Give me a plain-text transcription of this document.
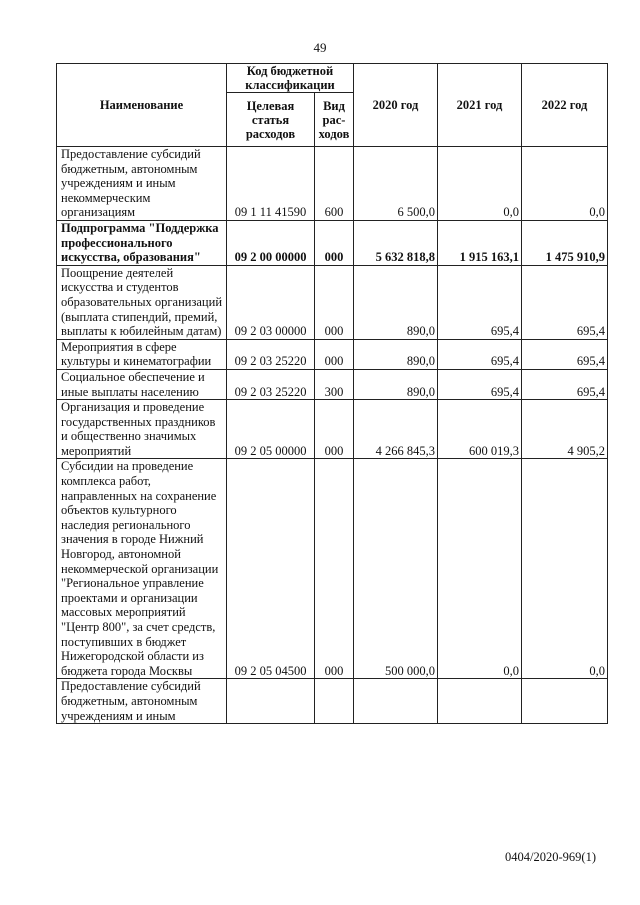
49
Наименование	Код бюджетной классификации		2020 год	2021 год	2022 год
	Целевая статья расходов	Вид рас- ходов			
Предоставление субсидий бюджетным, автономным учреждениям и иным некоммерческим организациям	09 1 11 41590	600	6 500,0	0,0	0,0
Подпрограмма "Поддержка профессионального искусства, образования"	09 2 00 00000	000	5 632 818,8	1 915 163,1	1 475 910,9
Поощрение деятелей искусства и студентов образовательных организаций (выплата стипендий, премий, выплаты к юбилейным датам)	09 2 03 00000	000	890,0	695,4	695,4
Мероприятия в сфере культуры и кинематографии	09 2 03 25220	000	890,0	695,4	695,4
Социальное обеспечение и иные выплаты населению	09 2 03 25220	300	890,0	695,4	695,4
Организация и проведение государственных праздников и общественно значимых мероприятий	09 2 05 00000	000	4 266 845,3	600 019,3	4 905,2
Субсидии на проведение комплекса работ, направленных на сохранение объектов культурного наследия регионального значения в городе Нижний Новгород, автономной некоммерческой организации "Региональное управление проектами и организации массовых мероприятий "Центр 800", за счет средств, поступивших в бюджет Нижегородской области из бюджета города Москвы	09 2 05 04500	000	500 000,0	0,0	0,0
Предоставление субсидий бюджетным, автономным учреждениям и иным					
0404/2020-969(1)
